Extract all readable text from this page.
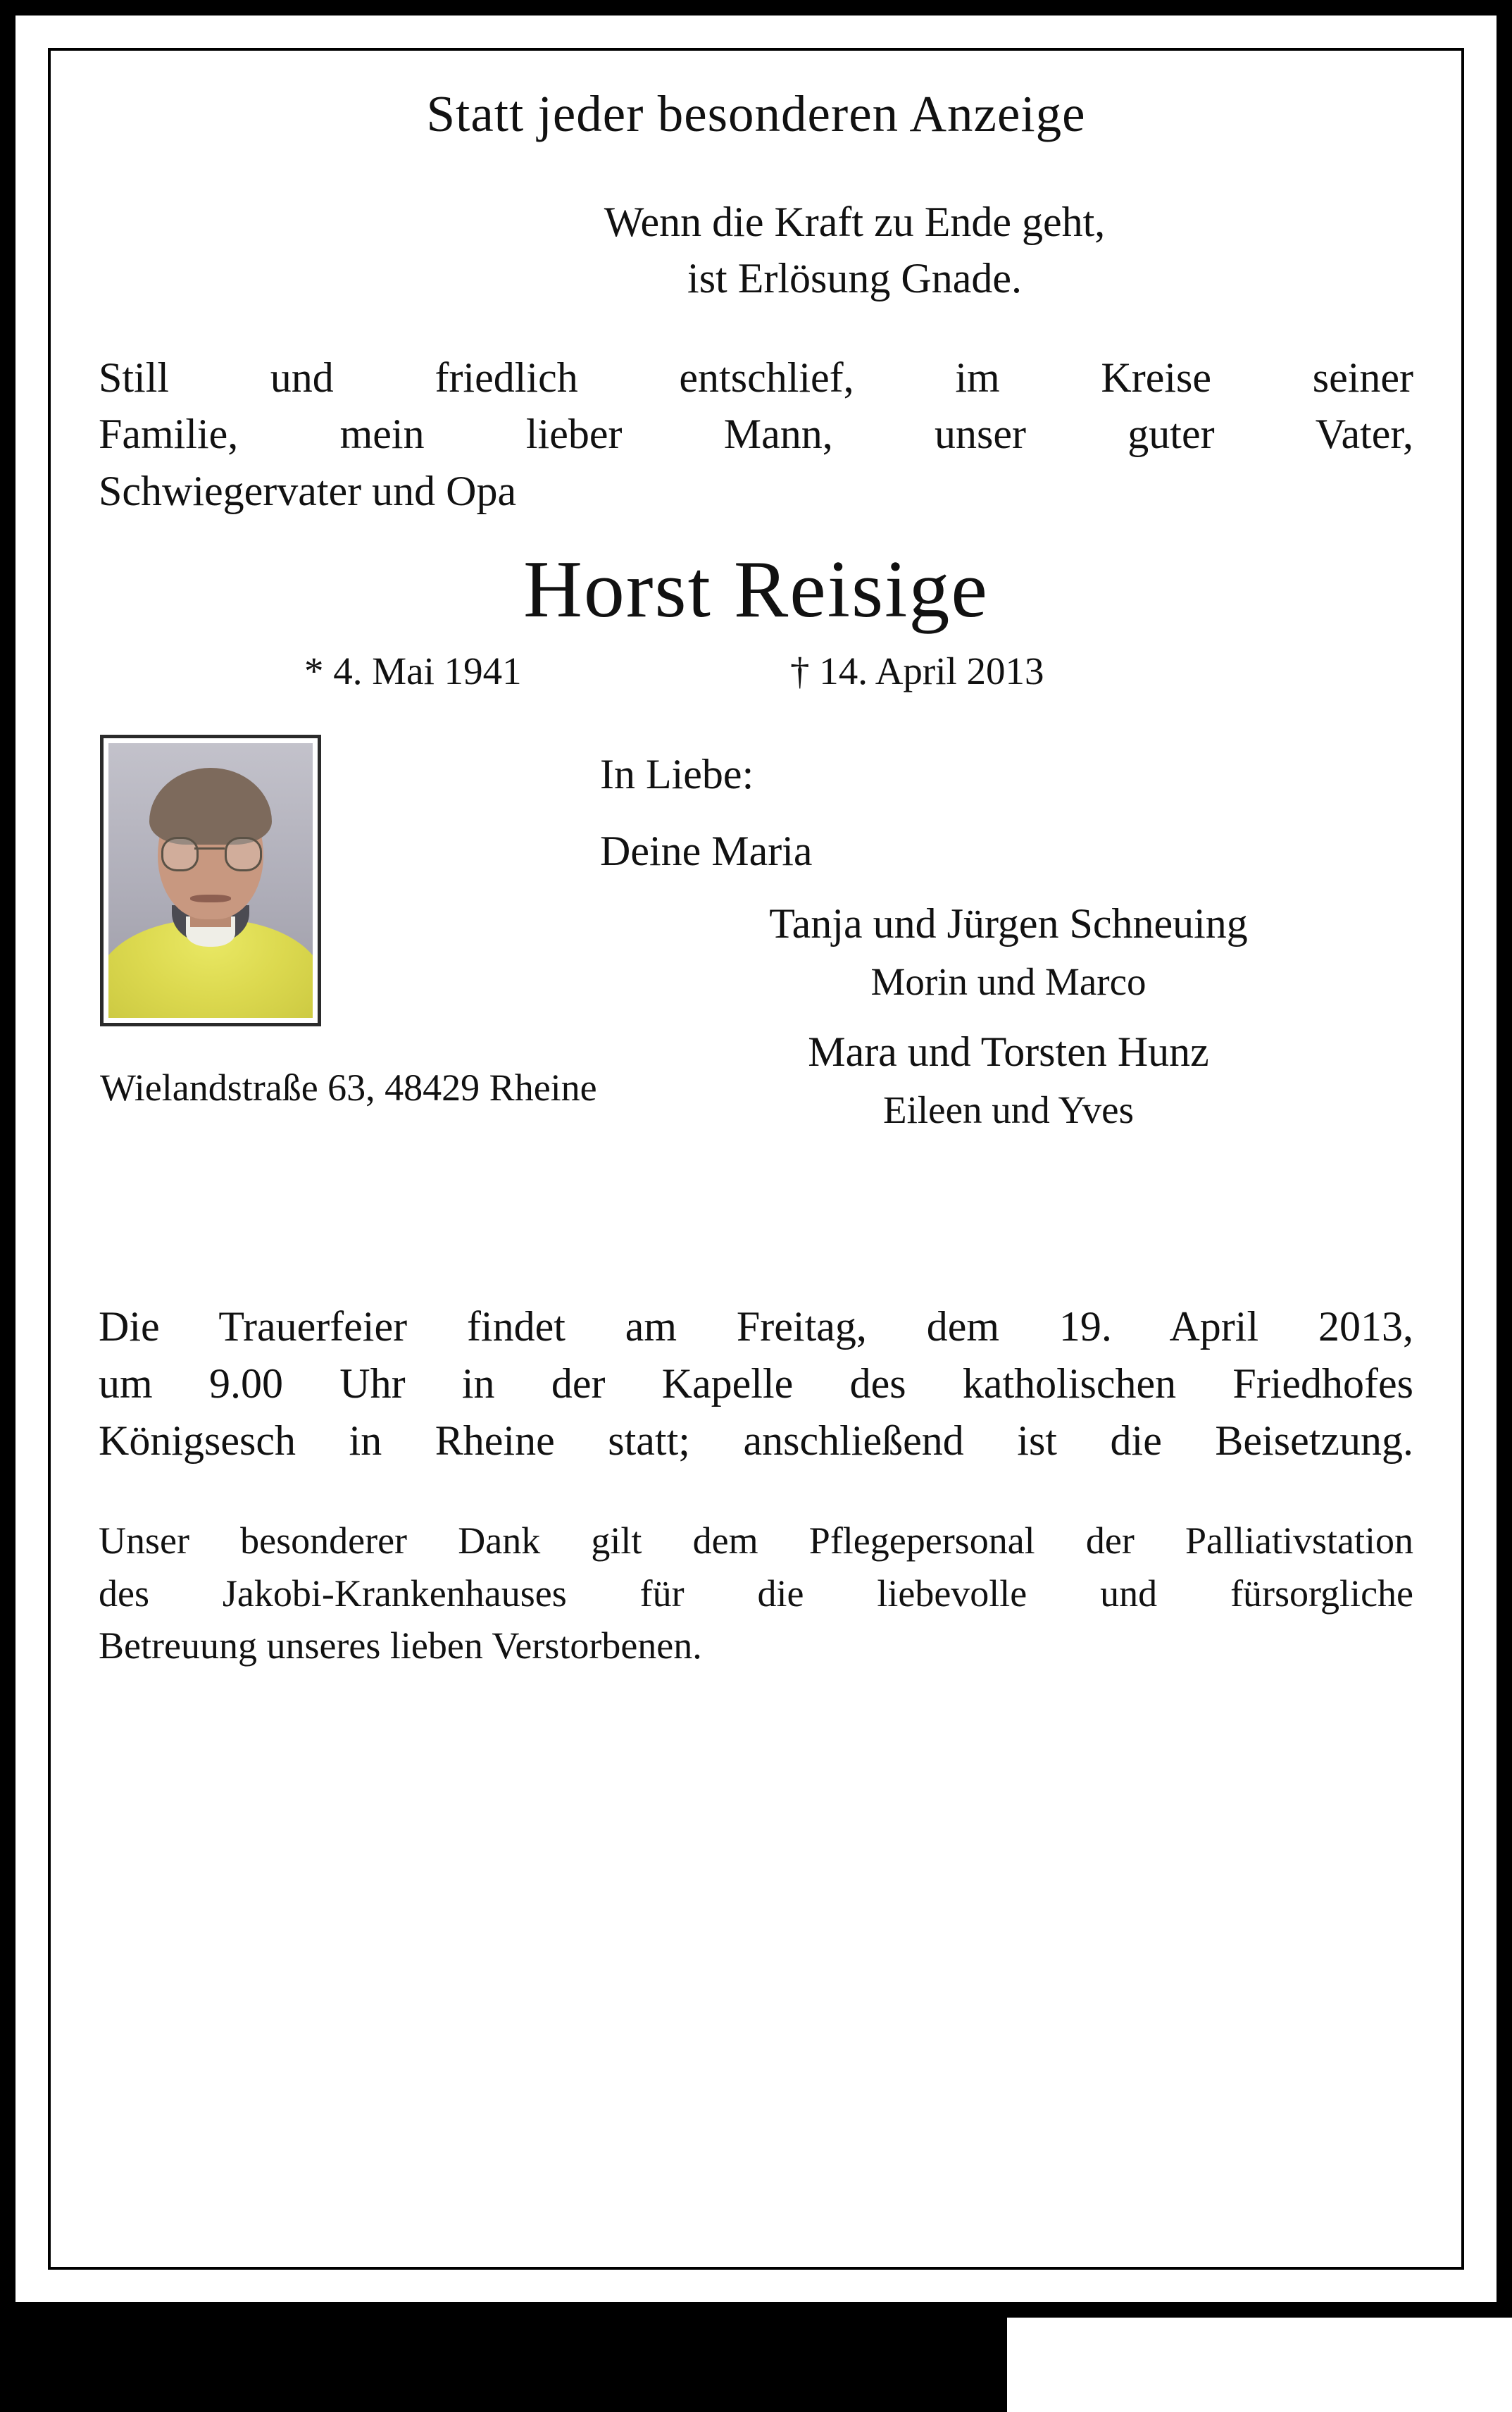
Statt jeder besonderen Anzeige
Wenn die Kraft zu Ende geht,
ist Erlösung Gnade.
Still und friedlich entschlief, im Kreise seiner
Familie, mein lieber Mann, unser guter Vater,
Schwiegervater und Opa
Horst Reisige
* 4. Mai 1941	† 14. April 2013
In Liebe:
Deine Maria
Tanja und Jürgen Schneuing
Morin und Marco
Mara und Torsten Hunz
Eileen und Yves
Wielandstraße 63, 48429 Rheine
Die Trauerfeier findet am Freitag, dem 19. April 2013,
um 9.00 Uhr in der Kapelle des katholischen Friedhofes
Königsesch in Rheine statt; anschließend ist die Beisetzung.
Unser besonderer Dank gilt dem Pflegepersonal der Palliativstation
des Jakobi-Krankenhauses für die liebevolle und fürsorgliche
Betreuung unseres lieben Verstorbenen.
